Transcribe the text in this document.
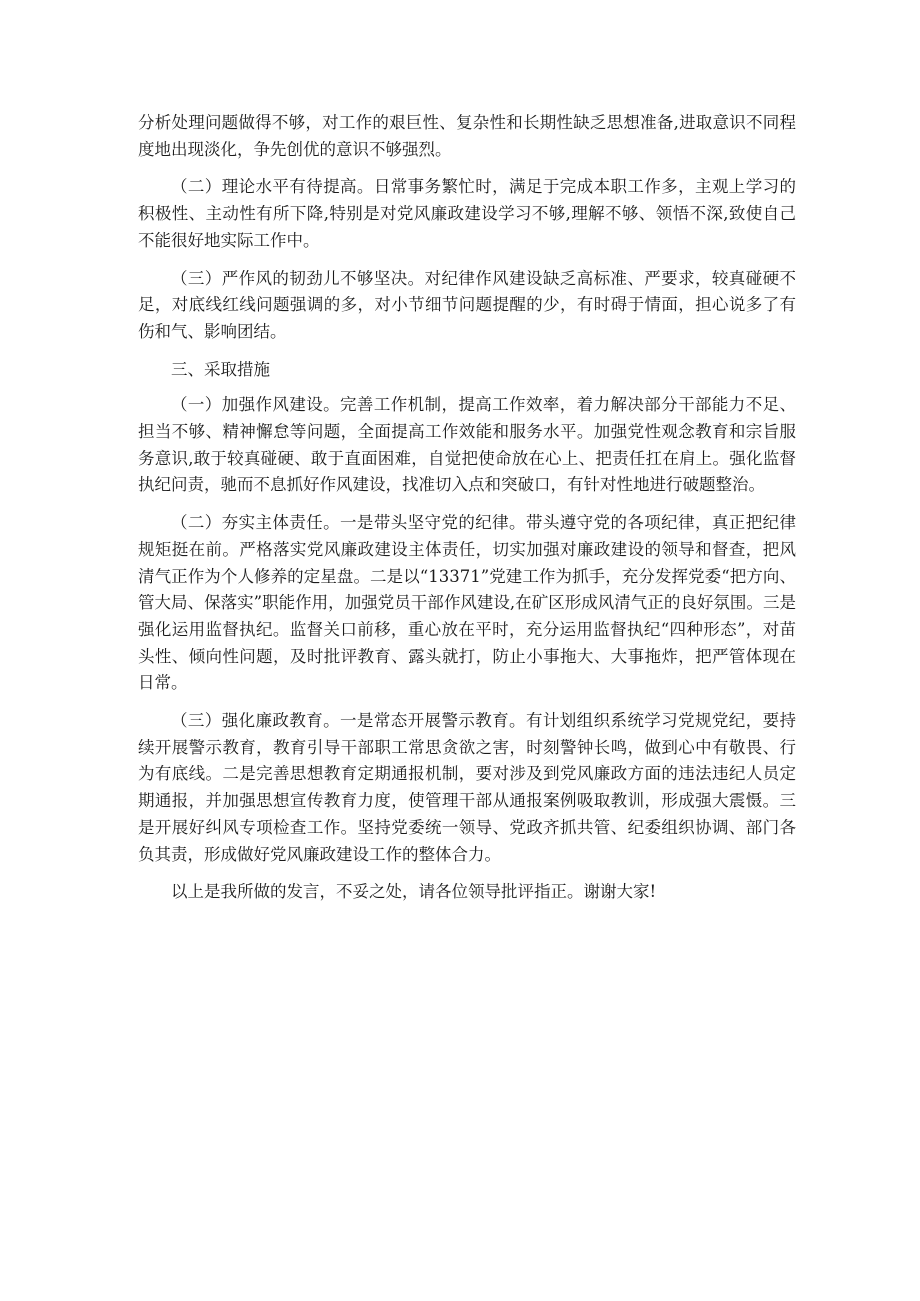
分析处理问题做得不够，对工作的艰巨性、复杂性和长期性缺乏思想准备,进取意识不同程度地出现淡化，争先创优的意识不够强烈。

（二）理论水平有待提高。日常事务繁忙时，满足于完成本职工作多，主观上学习的积极性、主动性有所下降,特别是对党风廉政建设学习不够,理解不够、领悟不深,致使自己不能很好地实际工作中。

（三）严作风的韧劲儿不够坚决。对纪律作风建设缺乏高标准、严要求，较真碰硬不足，对底线红线问题强调的多，对小节细节问题提醒的少，有时碍于情面，担心说多了有伤和气、影响团结。

三、采取措施

（一）加强作风建设。完善工作机制，提高工作效率，着力解决部分干部能力不足、担当不够、精神懈怠等问题，全面提高工作效能和服务水平。加强党性观念教育和宗旨服务意识,敢于较真碰硬、敢于直面困难，自觉把使命放在心上、把责任扛在肩上。强化监督执纪问责，驰而不息抓好作风建设，找准切入点和突破口，有针对性地进行破题整治。

（二）夯实主体责任。一是带头坚守党的纪律。带头遵守党的各项纪律，真正把纪律规矩挺在前。严格落实党风廉政建设主体责任，切实加强对廉政建设的领导和督查，把风清气正作为个人修养的定星盘。二是以“13371”党建工作为抓手，充分发挥党委“把方向、管大局、保落实”职能作用，加强党员干部作风建设,在矿区形成风清气正的良好氛围。三是强化运用监督执纪。监督关口前移，重心放在平时，充分运用监督执纪“四种形态”，对苗头性、倾向性问题，及时批评教育、露头就打，防止小事拖大、大事拖炸，把严管体现在日常。

（三）强化廉政教育。一是常态开展警示教育。有计划组织系统学习党规党纪，要持续开展警示教育，教育引导干部职工常思贪欲之害，时刻警钟长鸣，做到心中有敬畏、行为有底线。二是完善思想教育定期通报机制，要对涉及到党风廉政方面的违法违纪人员定期通报，并加强思想宣传教育力度，使管理干部从通报案例吸取教训，形成强大震慑。三是开展好纠风专项检查工作。坚持党委统一领导、党政齐抓共管、纪委组织协调、部门各负其责，形成做好党风廉政建设工作的整体合力。

以上是我所做的发言，不妥之处，请各位领导批评指正。谢谢大家!
